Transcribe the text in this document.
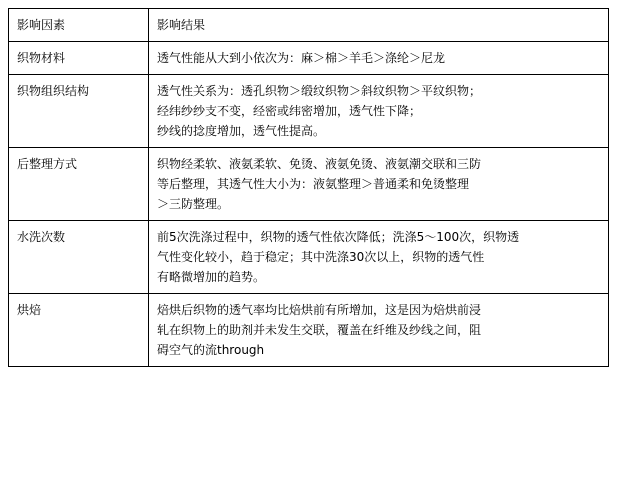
影响因素	影响结果
织物材料	透气性能从大到小依次为：麻＞棉＞羊毛＞涤纶＞尼龙

织物组织结构	透气性关系为：透孔织物＞缎纹织物＞斜纹织物＞平纹织物；

经纬纱纱支不变，经密或纬密增加，透气性下降；

纱线的捻度增加，透气性提高。

后整理方式	织物经柔软、液氨柔软、免烫、液氨免烫、液氨潮交联和三防

等后整理，其透气性大小为：液氨整理＞普通柔和免烫整理

＞三防整理。

水洗次数	前5次洗涤过程中，织物的透气性依次降低；洗涤5～100次，织物透

气性变化较小，趋于稳定；其中洗涤30次以上，织物的透气性

有略微增加的趋势。

烘焙	焙烘后织物的透气率均比焙烘前有所增加，这是因为焙烘前浸

轧在织物上的助剂并未发生交联，覆盖在纤维及纱线之间，阻

碍空气的流through
